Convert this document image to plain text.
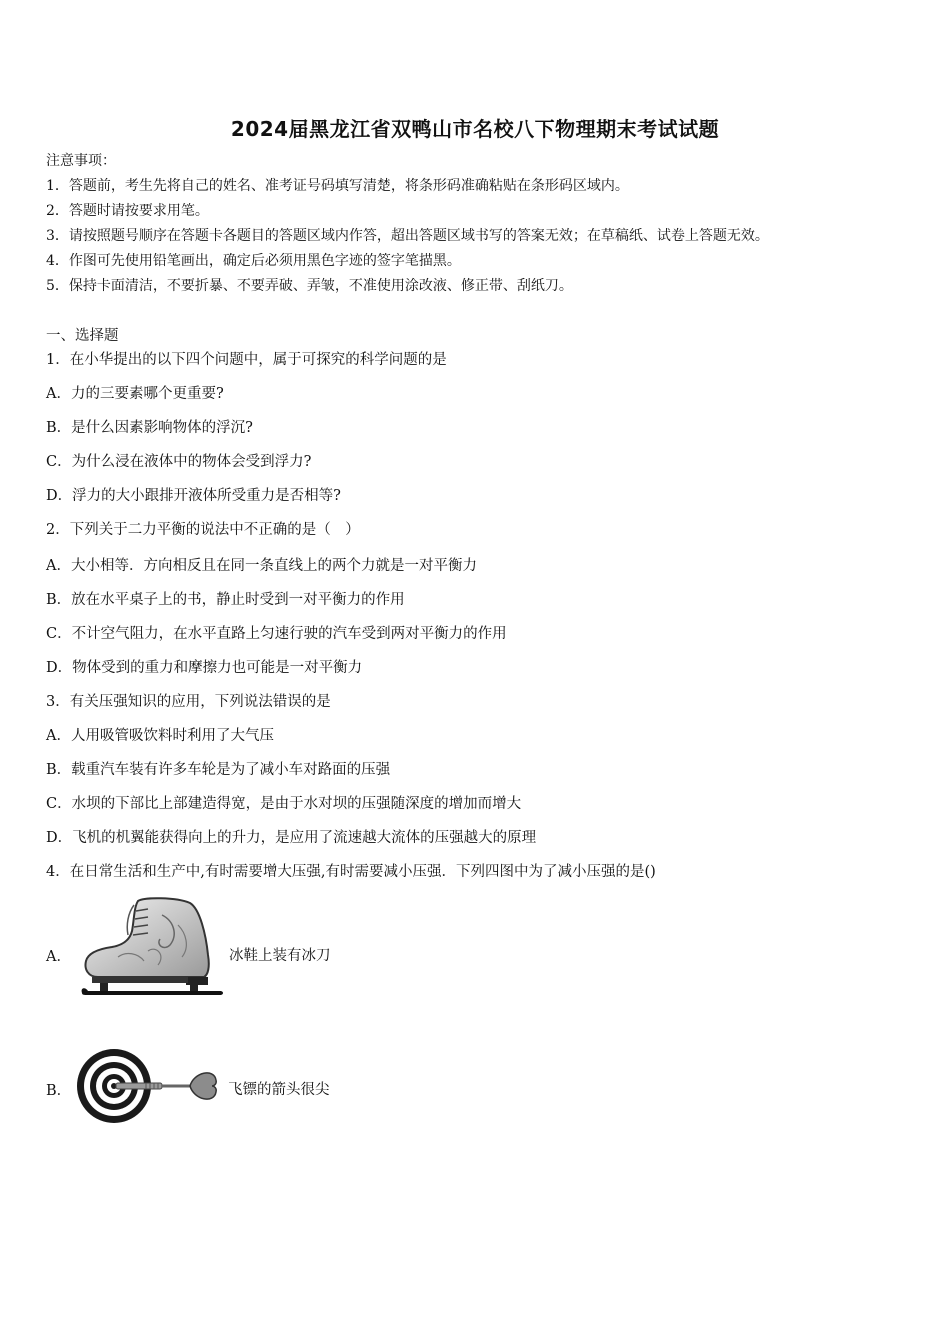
2024届黑龙江省双鸭山市名校八下物理期末考试试题
注意事项：
1．答题前，考生先将自己的姓名、准考证号码填写清楚，将条形码准确粘贴在条形码区域内。
2．答题时请按要求用笔。
3．请按照题号顺序在答题卡各题目的答题区域内作答，超出答题区域书写的答案无效；在草稿纸、试卷上答题无效。
4．作图可先使用铅笔画出，确定后必须用黑色字迹的签字笔描黑。
5．保持卡面清洁，不要折暴、不要弄破、弄皱，不准使用涂改液、修正带、刮纸刀。
一、选择题
1．在小华提出的以下四个问题中，属于可探究的科学问题的是
A．力的三要素哪个更重要?
B．是什么因素影响物体的浮沉?
C．为什么浸在液体中的物体会受到浮力?
D．浮力的大小跟排开液体所受重力是否相等?
2．下列关于二力平衡的说法中不正确的是（　）
A．大小相等．方向相反且在同一条直线上的两个力就是一对平衡力
B．放在水平桌子上的书，静止时受到一对平衡力的作用
C．不计空气阻力，在水平直路上匀速行驶的汽车受到两对平衡力的作用
D．物体受到的重力和摩擦力也可能是一对平衡力
3．有关压强知识的应用，下列说法错误的是
A．人用吸管吸饮料时利用了大气压
B．载重汽车装有许多车轮是为了减小车对路面的压强
C．水坝的下部比上部建造得宽，是由于水对坝的压强随深度的增加而增大
D．飞机的机翼能获得向上的升力，是应用了流速越大流体的压强越大的原理
4．在日常生活和生产中,有时需要增大压强,有时需要减小压强．下列四图中为了减小压强的是()
A．	冰鞋上装有冰刀
B．	飞镖的箭头很尖
